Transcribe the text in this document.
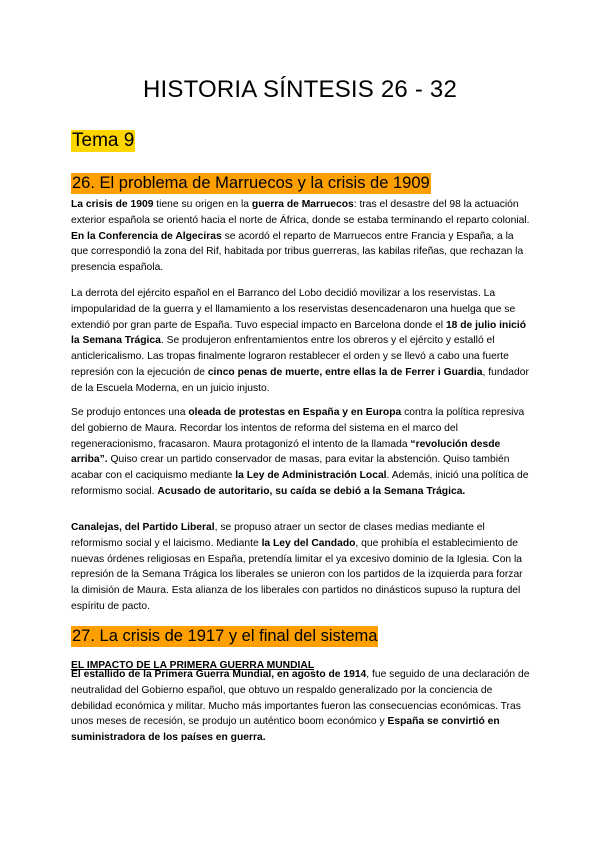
HISTORIA SÍNTESIS 26 - 32
Tema 9
26. El problema de Marruecos y la crisis de 1909

La crisis de 1909 tiene su origen en la guerra de Marruecos: tras el desastre del 98 la actuación exterior española se orientó hacia el norte de África, donde se estaba terminando el reparto colonial. En la Conferencia de Algeciras se acordó el reparto de Marruecos entre Francia y España, a la que correspondió la zona del Rif, habitada por tribus guerreras, las kabilas rifeñas, que rechazan la presencia española.

La derrota del ejército español en el Barranco del Lobo decidió movilizar a los reservistas. La impopularidad de la guerra y el llamamiento a los reservistas desencadenaron una huelga que se extendió por gran parte de España. Tuvo especial impacto en Barcelona donde el 18 de julio inició la Semana Trágica. Se produjeron enfrentamientos entre los obreros y el ejército y estalló el anticlericalismo. Las tropas finalmente lograron restablecer el orden y se llevó a cabo una fuerte represión con la ejecución de cinco penas de muerte, entre ellas la de Ferrer i Guardia, fundador de la Escuela Moderna, en un juicio injusto.

Se produjo entonces una oleada de protestas en España y en Europa contra la política represiva del gobierno de Maura. Recordar los intentos de reforma del sistema en el marco del regeneracionismo, fracasaron. Maura protagonizó el intento de la llamada “revolución desde arriba”. Quiso crear un partido conservador de masas, para evitar la abstención. Quiso también acabar con el caciquismo mediante la Ley de Administración Local. Además, inició una política de reformismo social. Acusado de autoritario, su caída se debió a la Semana Trágica.

Canalejas, del Partido Liberal, se propuso atraer un sector de clases medias mediante el reformismo social y el laicismo. Mediante la Ley del Candado, que prohibía el establecimiento de nuevas órdenes religiosas en España, pretendía limitar el ya excesivo dominio de la Iglesia. Con la represión de la Semana Trágica los liberales se unieron con los partidos de la izquierda para forzar la dimisión de Maura. Esta alianza de los liberales con partidos no dinásticos supuso la ruptura del espíritu de pacto.

27. La crisis de 1917 y el final del sistema
EL IMPACTO DE LA PRIMERA GUERRA MUNDIAL

El estallido de la Primera Guerra Mundial, en agosto de 1914, fue seguido de una declaración de neutralidad del Gobierno español, que obtuvo un respaldo generalizado por la conciencia de debilidad económica y militar. Mucho más importantes fueron las consecuencias económicas. Tras unos meses de recesión, se produjo un auténtico boom económico y España se convirtió en suministradora de los países en guerra.
